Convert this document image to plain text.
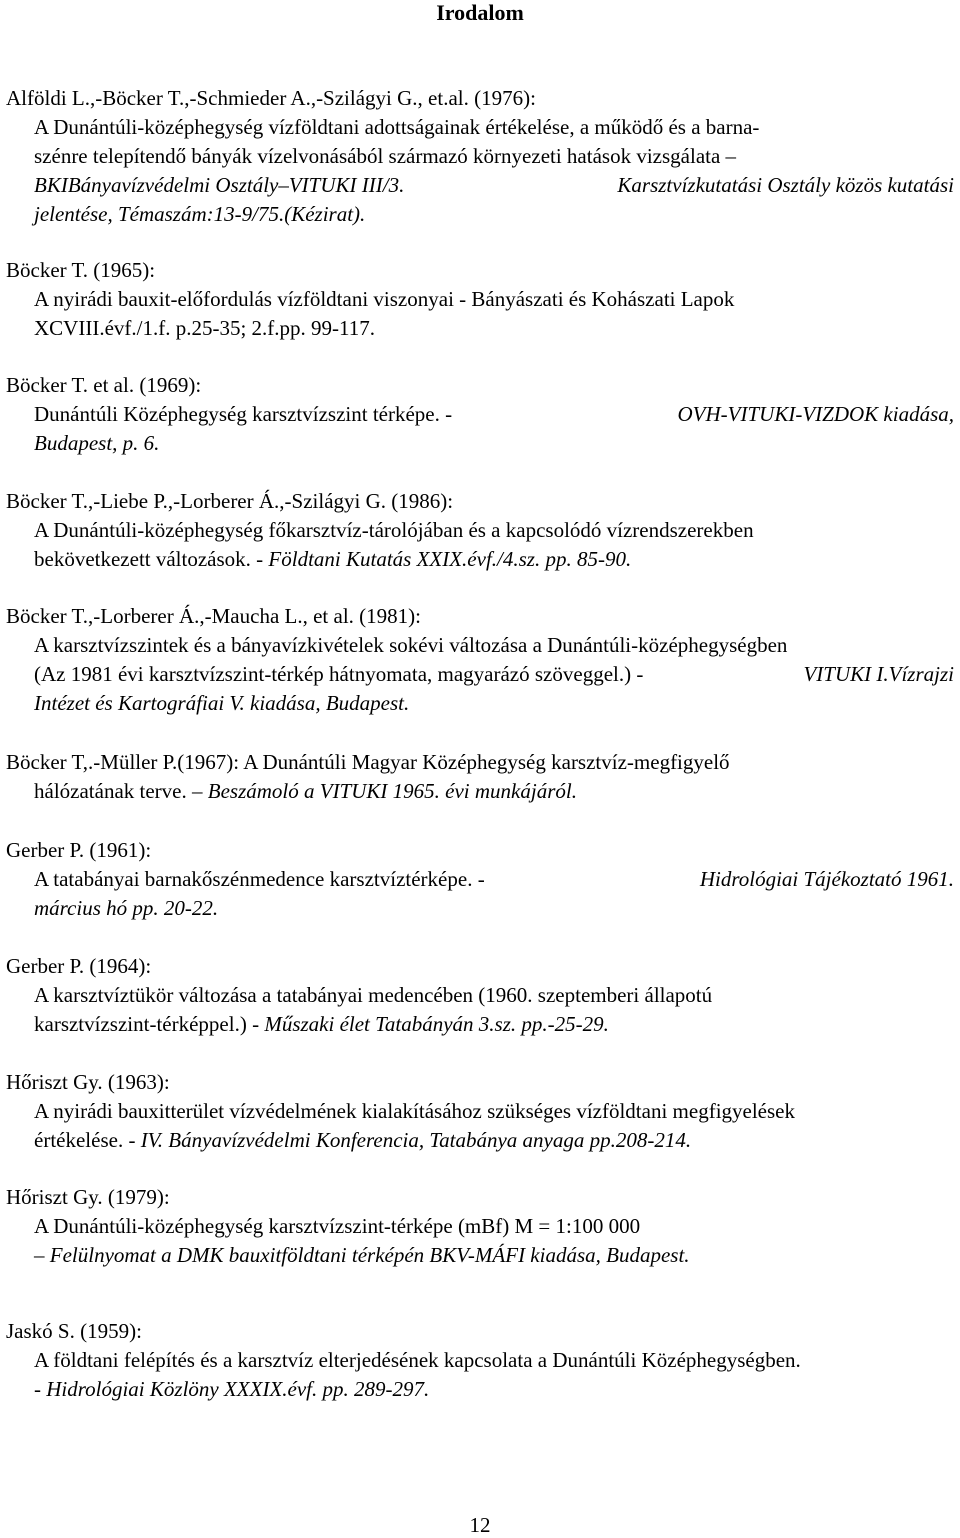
Irodalom
Alföldi L.,-Böcker T.,-Schmieder A.,-Szilágyi G., et.al. (1976):
A Dunántúli-középhegység vízföldtani adottságainak értékelése, a működő és a barna-
szénre telepítendő bányák vízelvonásából származó környezeti hatások vizsgálata –
BKIBányavízvédelmi Osztály–VITUKI III/3.	Karsztvízkutatási Osztály közös kutatási
jelentése, Témaszám:13-9/75.(Kézirat).
Böcker T. (1965):
A nyirádi bauxit-előfordulás vízföldtani viszonyai - Bányászati és Kohászati Lapok
XCVIII.évf./1.f. p.25-35; 2.f.pp. 99-117.
Böcker T. et al. (1969):
Dunántúli Középhegység karsztvízszint térképe. -	OVH-VITUKI-VIZDOK kiadása,
Budapest, p. 6.
Böcker T.,-Liebe P.,-Lorberer Á.,-Szilágyi G. (1986):
A Dunántúli-középhegység főkarsztvíz-tárolójában és a kapcsolódó vízrendszerekben
bekövetkezett változások. - Földtani Kutatás XXIX.évf./4.sz. pp. 85-90.
Böcker T.,-Lorberer Á.,-Maucha L., et al. (1981):
A karsztvízszintek és a bányavízkivételek sokévi változása a Dunántúli-középhegységben
(Az 1981 évi karsztvízszint-térkép hátnyomata, magyarázó szöveggel.) -	VITUKI I.Vízrajzi
Intézet és Kartográfiai V. kiadása, Budapest.
Böcker T,.-Müller P.(1967): A Dunántúli Magyar Középhegység karsztvíz-megfigyelő
hálózatának terve. – Beszámoló a VITUKI 1965. évi munkájáról.
Gerber P. (1961):
A tatabányai barnakőszénmedence karsztvíztérképe. -	Hidrológiai Tájékoztató 1961.
március hó pp. 20-22.
Gerber P. (1964):
A karsztvíztükör változása a tatabányai medencében (1960. szeptemberi állapotú
karsztvízszint-térképpel.) - Műszaki élet Tatabányán 3.sz. pp.-25-29.
Hőriszt Gy. (1963):
A nyirádi bauxitterület vízvédelmének kialakításához szükséges vízföldtani megfigyelések
értékelése. - IV. Bányavízvédelmi Konferencia, Tatabánya anyaga pp.208-214.
Hőriszt Gy. (1979):
A Dunántúli-középhegység karsztvízszint-térképe (mBf) M = 1:100 000
– Felülnyomat a DMK bauxitföldtani térképén BKV-MÁFI kiadása, Budapest.
Jaskó S. (1959):
A földtani felépítés és a karsztvíz elterjedésének kapcsolata a Dunántúli Középhegységben.
- Hidrológiai Közlöny XXXIX.évf. pp. 289-297.
12
